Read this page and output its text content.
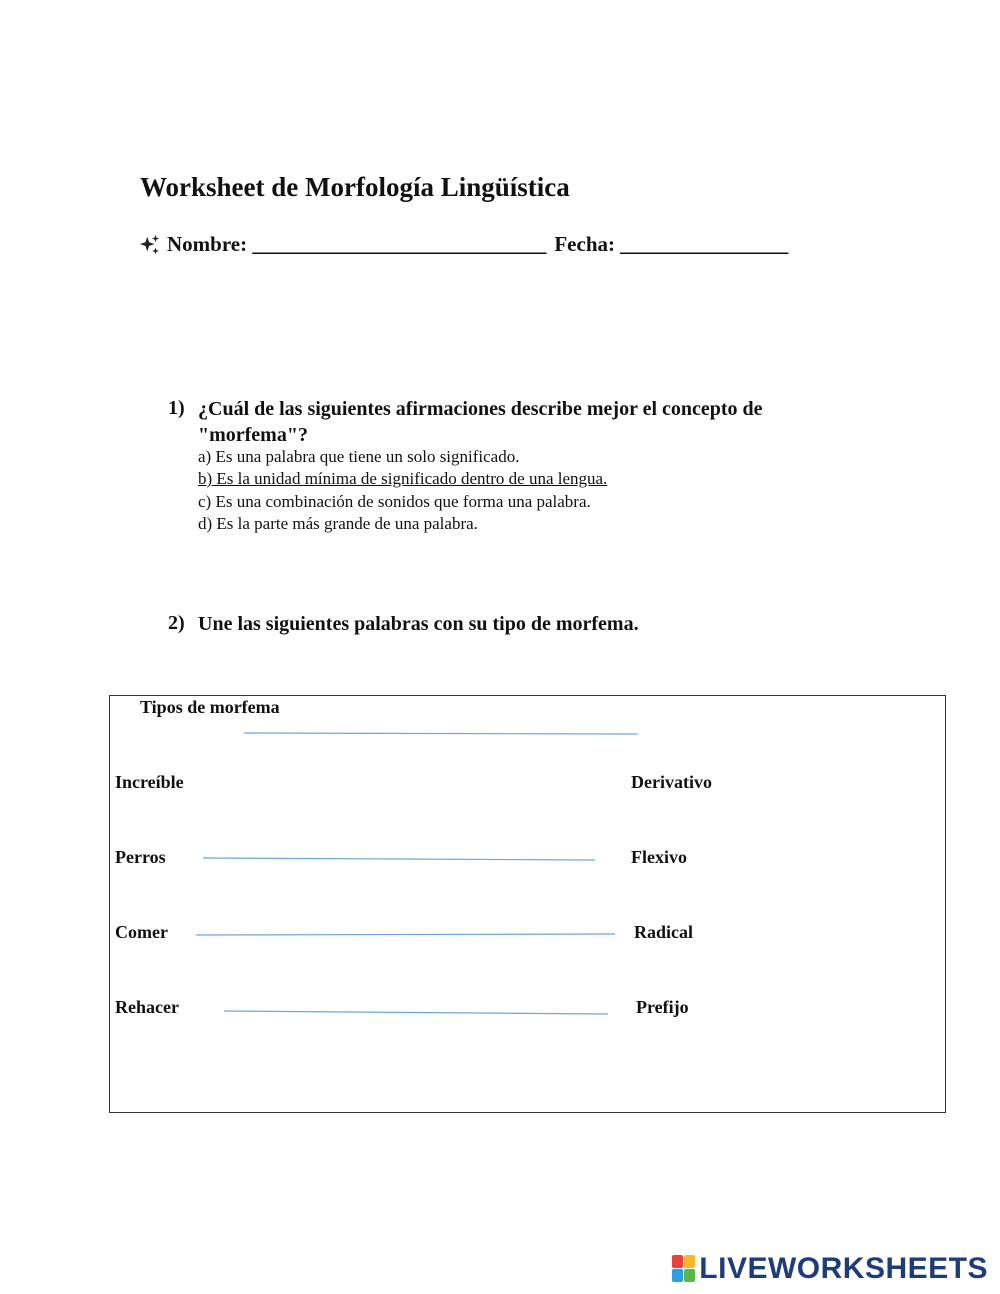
Worksheet de Morfología Lingüística
Nombre: ____________________________ Fecha: ________________
1) ¿Cuál de las siguientes afirmaciones describe mejor el concepto de
"morfema"?
a) Es una palabra que tiene un solo significado.
b) Es la unidad mínima de significado dentro de una lengua.
c) Es una combinación de sonidos que forma una palabra.
d) Es la parte más grande de una palabra.
2) Une las siguientes palabras con su tipo de morfema.
Tipos de morfema
Increíble
Perros
Comer
Rehacer
Derivativo
Flexivo
Radical
Prefijo
LIVEWORKSHEETS
